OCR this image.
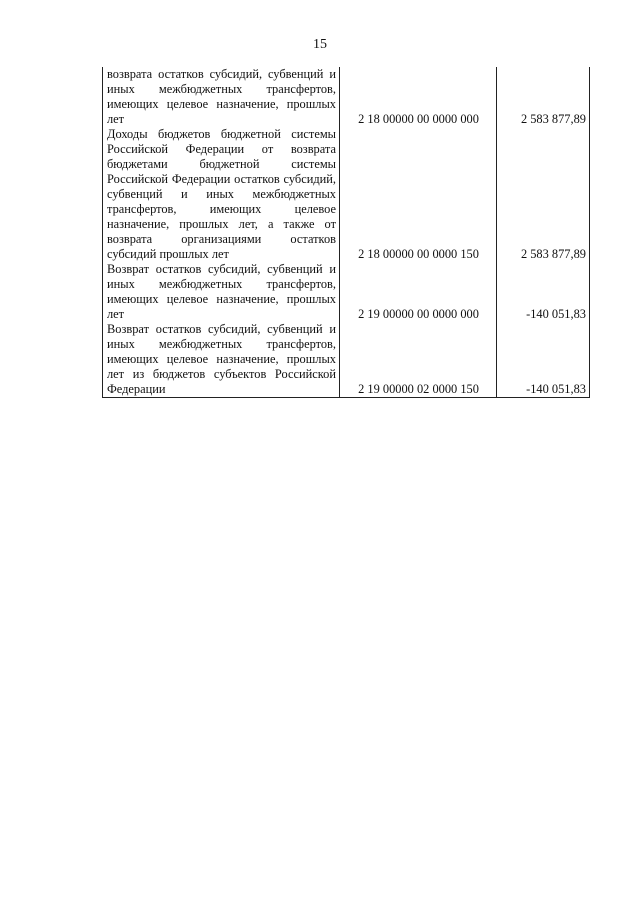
15
возврата остатков субсидий, субвенций и иных межбюджетных трансфертов, имеющих целевое назначение, прошлых лет	2 18 00000 00 0000 000	2 583 877,89
Доходы бюджетов бюджетной системы Российской Федерации от возврата бюджетами бюджетной системы Российской Федерации остатков субсидий, субвенций и иных межбюджетных трансфертов, имеющих целевое назначение, прошлых лет, а также от возврата организациями остатков субсидий прошлых лет	2 18 00000 00 0000 150	2 583 877,89
Возврат остатков субсидий, субвенций и иных межбюджетных трансфертов, имеющих целевое назначение, прошлых лет	2 19 00000 00 0000 000	-140 051,83
Возврат остатков субсидий, субвенций и иных межбюджетных трансфертов, имеющих целевое назначение, прошлых лет из бюджетов субъектов Российской Федерации	2 19 00000 02 0000 150	-140 051,83
